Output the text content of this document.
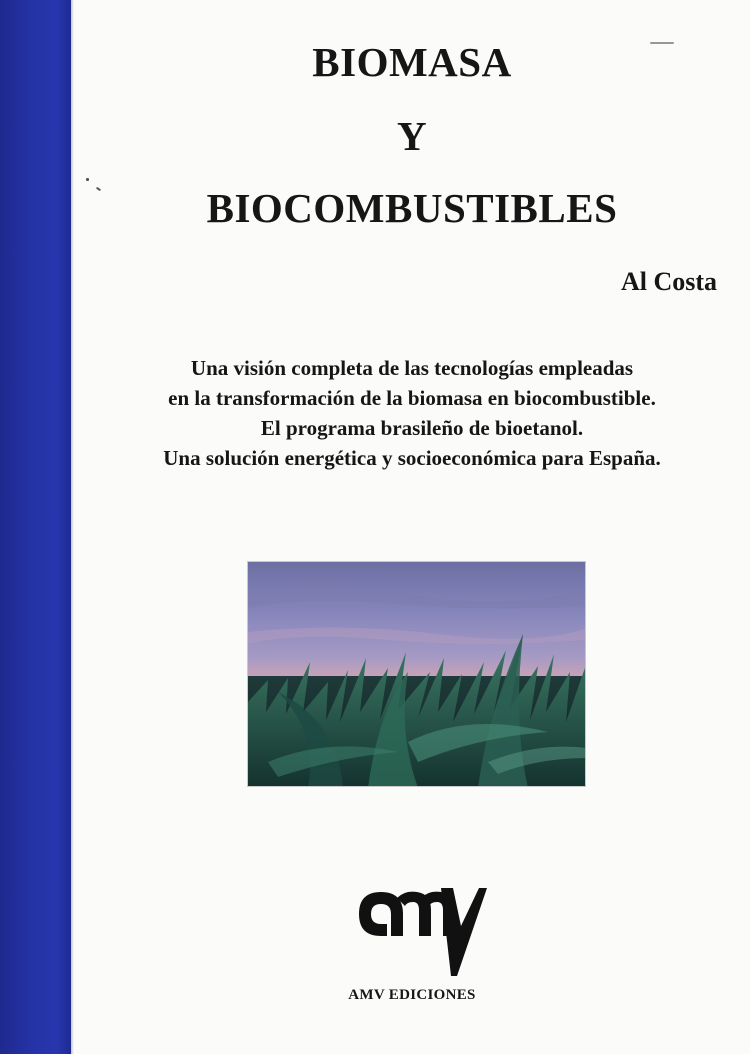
BIOMASA
Y
BIOCOMBUSTIBLES
Al Costa
Una visión completa de las tecnologías empleadas
en la transformación de la biomasa en biocombustible.
El programa brasileño de bioetanol.
Una solución energética y socioeconómica para España.
AMV EDICIONES
